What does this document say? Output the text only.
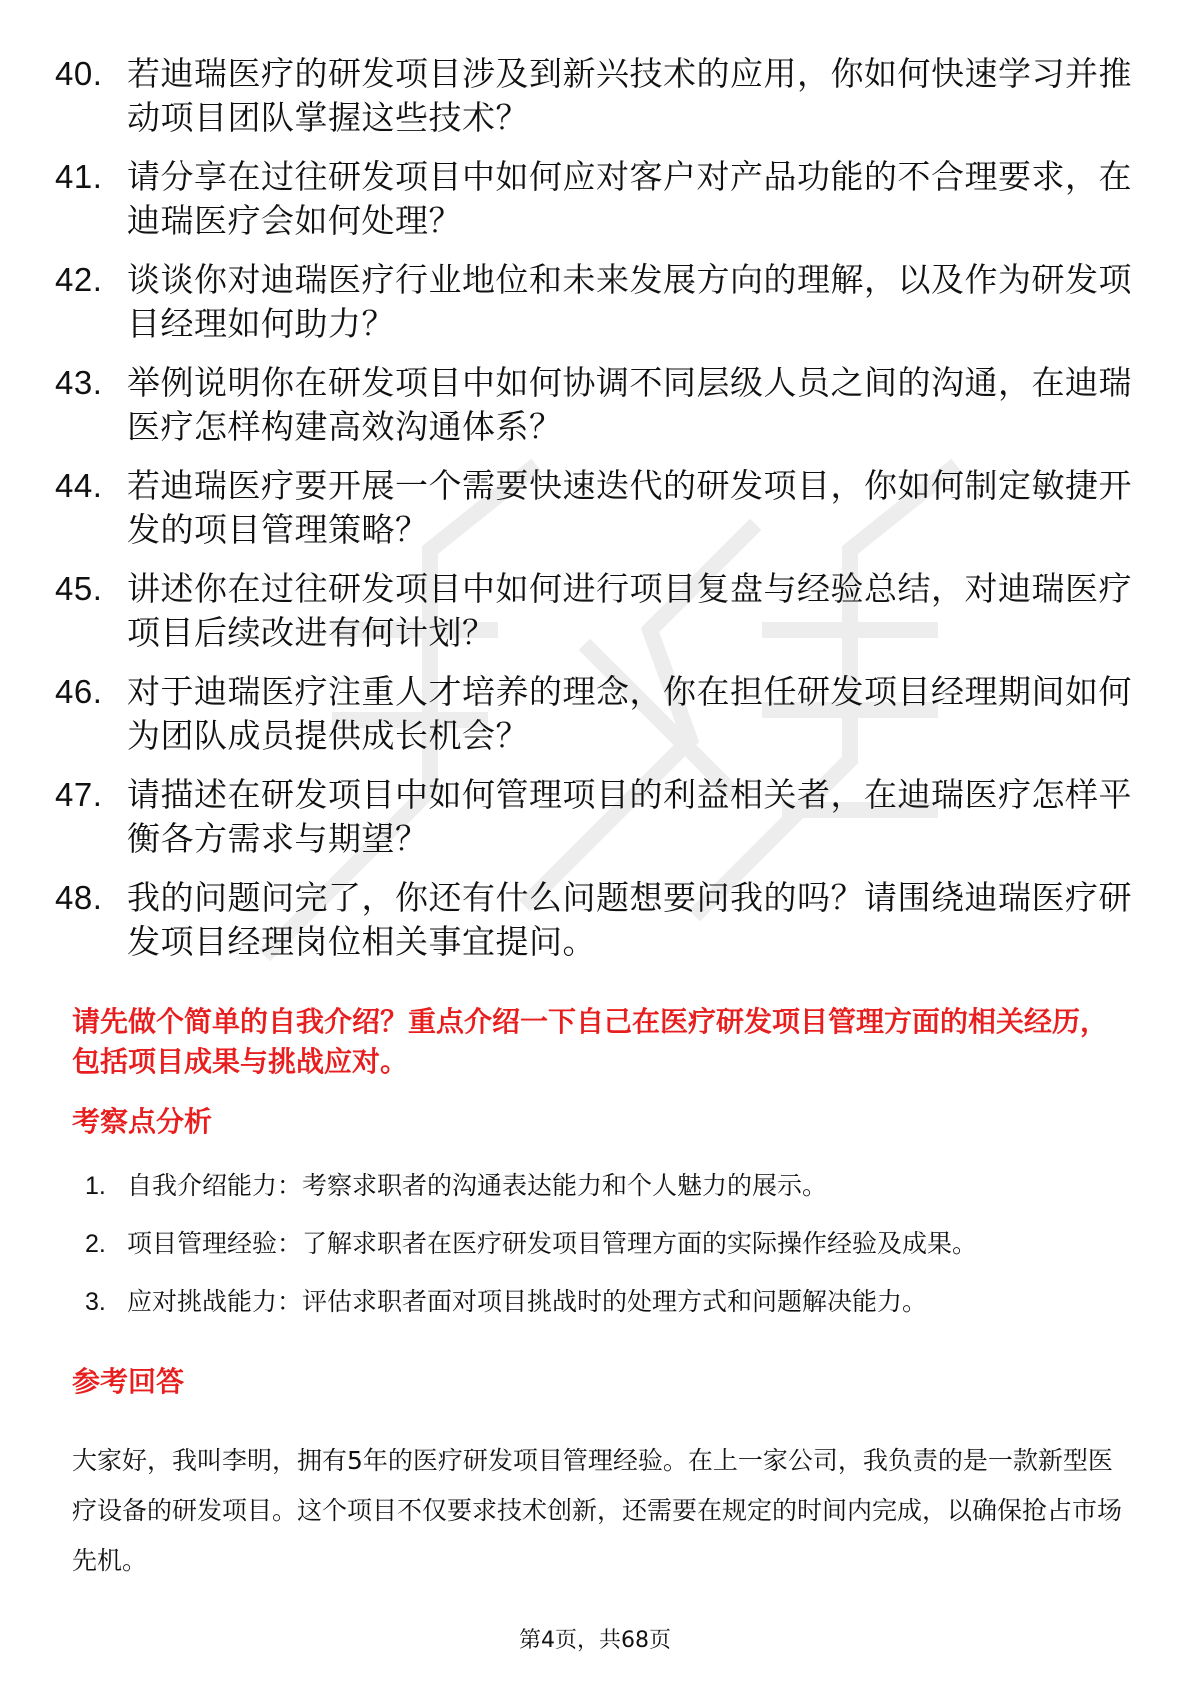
40. 若迪瑞医疗的研发项目涉及到新兴技术的应用，你如何快速学习并推动项目团队掌握这些技术？
41. 请分享在过往研发项目中如何应对客户对产品功能的不合理要求，在迪瑞医疗会如何处理？
42. 谈谈你对迪瑞医疗行业地位和未来发展方向的理解，以及作为研发项目经理如何助力？
43. 举例说明你在研发项目中如何协调不同层级人员之间的沟通，在迪瑞医疗怎样构建高效沟通体系？
44. 若迪瑞医疗要开展一个需要快速迭代的研发项目，你如何制定敏捷开发的项目管理策略？
45. 讲述你在过往研发项目中如何进行项目复盘与经验总结，对迪瑞医疗项目后续改进有何计划？
46. 对于迪瑞医疗注重人才培养的理念，你在担任研发项目经理期间如何为团队成员提供成长机会？
47. 请描述在研发项目中如何管理项目的利益相关者，在迪瑞医疗怎样平衡各方需求与期望？
48. 我的问题问完了，你还有什么问题想要问我的吗？请围绕迪瑞医疗研发项目经理岗位相关事宜提问。

请先做个简单的自我介绍？重点介绍一下自己在医疗研发项目管理方面的相关经历，包括项目成果与挑战应对。

考察点分析
1. 自我介绍能力：考察求职者的沟通表达能力和个人魅力的展示。
2. 项目管理经验：了解求职者在医疗研发项目管理方面的实际操作经验及成果。
3. 应对挑战能力：评估求职者面对项目挑战时的处理方式和问题解决能力。
参考回答

大家好，我叫李明，拥有5年的医疗研发项目管理经验。在上一家公司，我负责的是一款新型医疗设备的研发项目。这个项目不仅要求技术创新，还需要在规定的时间内完成，以确保抢占市场先机。

第4页，共68页
